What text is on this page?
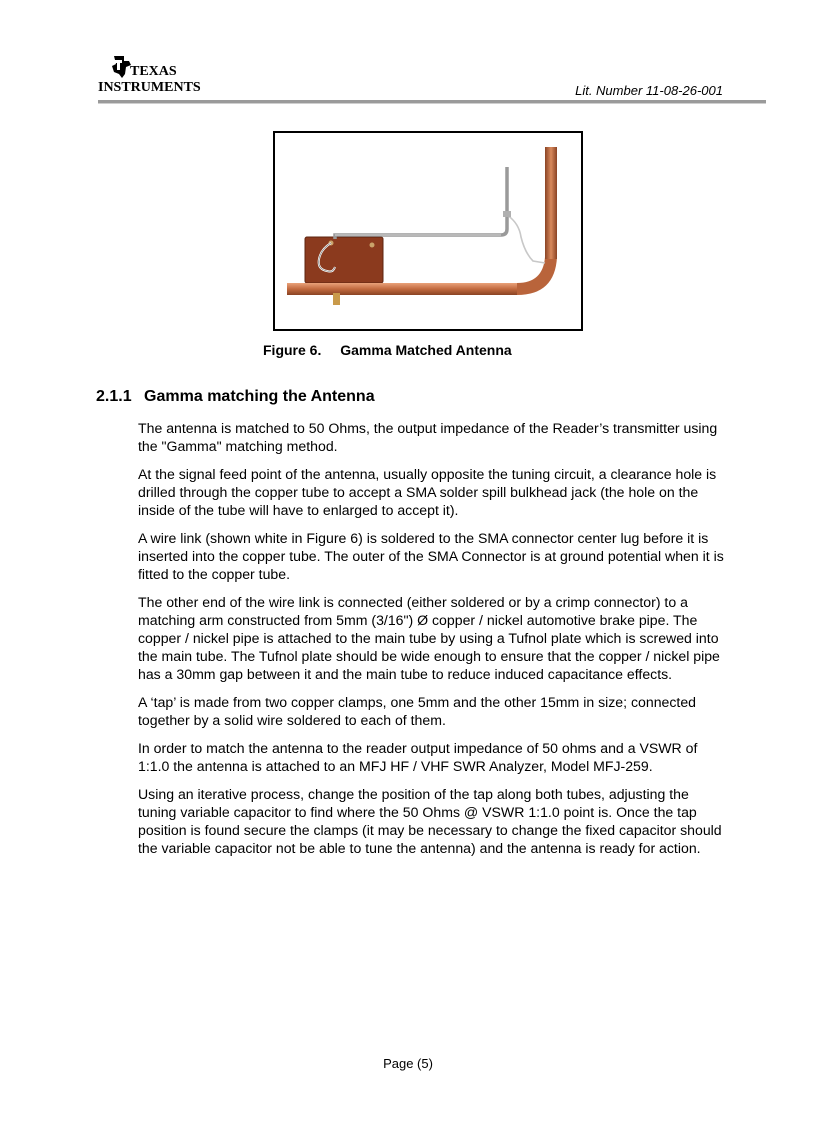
TEXAS
INSTRUMENTS	Lit. Number 11-08-26-001
Figure 6. Gamma Matched Antenna
2.1.1 Gamma matching the Antenna

The antenna is matched to 50 Ohms, the output impedance of the Reader’s transmitter using the "Gamma" matching method.

At the signal feed point of the antenna, usually opposite the tuning circuit, a clearance hole is drilled through the copper tube to accept a SMA solder spill bulkhead jack (the hole on the inside of the tube will have to enlarged to accept it).

A wire link (shown white in Figure 6) is soldered to the SMA connector center lug before it is inserted into the copper tube. The outer of the SMA Connector is at ground potential when it is fitted to the copper tube.

The other end of the wire link is connected (either soldered or by a crimp connector) to a matching arm constructed from 5mm (3/16") Ø copper / nickel automotive brake pipe. The copper / nickel pipe is attached to the main tube by using a Tufnol plate which is screwed into the main tube. The Tufnol plate should be wide enough to ensure that the copper / nickel pipe has a 30mm gap between it and the main tube to reduce induced capacitance effects.

A ‘tap’ is made from two copper clamps, one 5mm and the other 15mm in size; connected together by a solid wire soldered to each of them.

In order to match the antenna to the reader output impedance of 50 ohms and a VSWR of 1:1.0 the antenna is attached to an MFJ HF / VHF SWR Analyzer, Model MFJ-259.

Using an iterative process, change the position of the tap along both tubes, adjusting the tuning variable capacitor to find where the 50 Ohms @ VSWR 1:1.0 point is. Once the tap position is found secure the clamps (it may be necessary to change the fixed capacitor should the variable capacitor not be able to tune the antenna) and the antenna is ready for action.

Page (5)
